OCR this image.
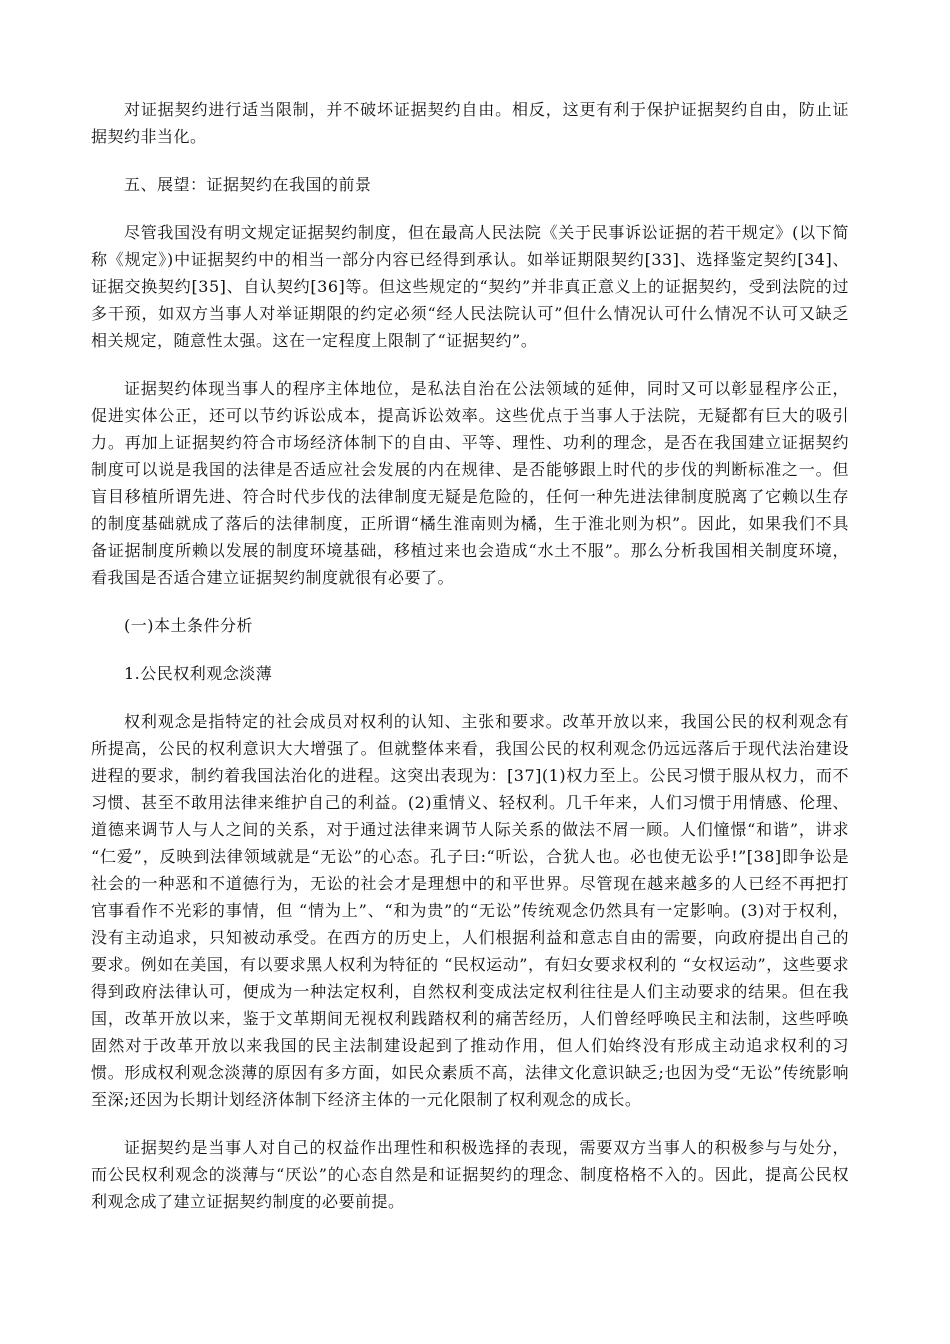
对证据契约进行适当限制，并不破坏证据契约自由。相反，这更有利于保护证据契约自由，防止证据契约非当化。

五、展望：证据契约在我国的前景

尽管我国没有明文规定证据契约制度，但在最高人民法院《关于民事诉讼证据的若干规定》(以下简称《规定》)中证据契约中的相当一部分内容已经得到承认。如举证期限契约[33]、选择鉴定契约[34]、证据交换契约[35]、自认契约[36]等。但这些规定的“契约”并非真正意义上的证据契约，受到法院的过多干预，如双方当事人对举证期限的约定必须“经人民法院认可”但什么情况认可什么情况不认可又缺乏相关规定，随意性太强。这在一定程度上限制了“证据契约”。

证据契约体现当事人的程序主体地位，是私法自治在公法领域的延伸，同时又可以彰显程序公正，促进实体公正，还可以节约诉讼成本，提高诉讼效率。这些优点于当事人于法院，无疑都有巨大的吸引力。再加上证据契约符合市场经济体制下的自由、平等、理性、功利的理念，是否在我国建立证据契约制度可以说是我国的法律是否适应社会发展的内在规律、是否能够跟上时代的步伐的判断标准之一。但盲目移植所谓先进、符合时代步伐的法律制度无疑是危险的，任何一种先进法律制度脱离了它赖以生存的制度基础就成了落后的法律制度，正所谓“橘生淮南则为橘，生于淮北则为枳”。因此，如果我们不具备证据制度所赖以发展的制度环境基础，移植过来也会造成“水土不服”。那么分析我国相关制度环境，看我国是否适合建立证据契约制度就很有必要了。

(一)本土条件分析

1.公民权利观念淡薄

权利观念是指特定的社会成员对权利的认知、主张和要求。改革开放以来，我国公民的权利观念有所提高，公民的权利意识大大增强了。但就整体来看，我国公民的权利观念仍远远落后于现代法治建设进程的要求，制约着我国法治化的进程。这突出表现为：[37](1)权力至上。公民习惯于服从权力，而不习惯、甚至不敢用法律来维护自己的利益。(2)重情义、轻权利。几千年来，人们习惯于用情感、伦理、道德来调节人与人之间的关系，对于通过法律来调节人际关系的做法不屑一顾。人们憧憬“和谐”，讲求 “仁爱”，反映到法律领域就是“无讼”的心态。孔子曰:“听讼，合犹人也。必也使无讼乎!”[38]即争讼是社会的一种恶和不道德行为，无讼的社会才是理想中的和平世界。尽管现在越来越多的人已经不再把打官事看作不光彩的事情，但 “情为上”、“和为贵”的“无讼”传统观念仍然具有一定影响。(3)对于权利，没有主动追求，只知被动承受。在西方的历史上，人们根据利益和意志自由的需要，向政府提出自己的要求。例如在美国，有以要求黑人权利为特征的 “民权运动”，有妇女要求权利的 “女权运动”，这些要求得到政府法律认可，便成为一种法定权利，自然权利变成法定权利往往是人们主动要求的结果。但在我国，改革开放以来，鉴于文革期间无视权利践踏权利的痛苦经历，人们曾经呼唤民主和法制，这些呼唤固然对于改革开放以来我国的民主法制建设起到了推动作用，但人们始终没有形成主动追求权利的习惯。形成权利观念淡薄的原因有多方面，如民众素质不高，法律文化意识缺乏;也因为受“无讼”传统影响至深;还因为长期计划经济体制下经济主体的一元化限制了权利观念的成长。

证据契约是当事人对自己的权益作出理性和积极选择的表现，需要双方当事人的积极参与与处分，而公民权利观念的淡薄与“厌讼”的心态自然是和证据契约的理念、制度格格不入的。因此，提高公民权利观念成了建立证据契约制度的必要前提。
